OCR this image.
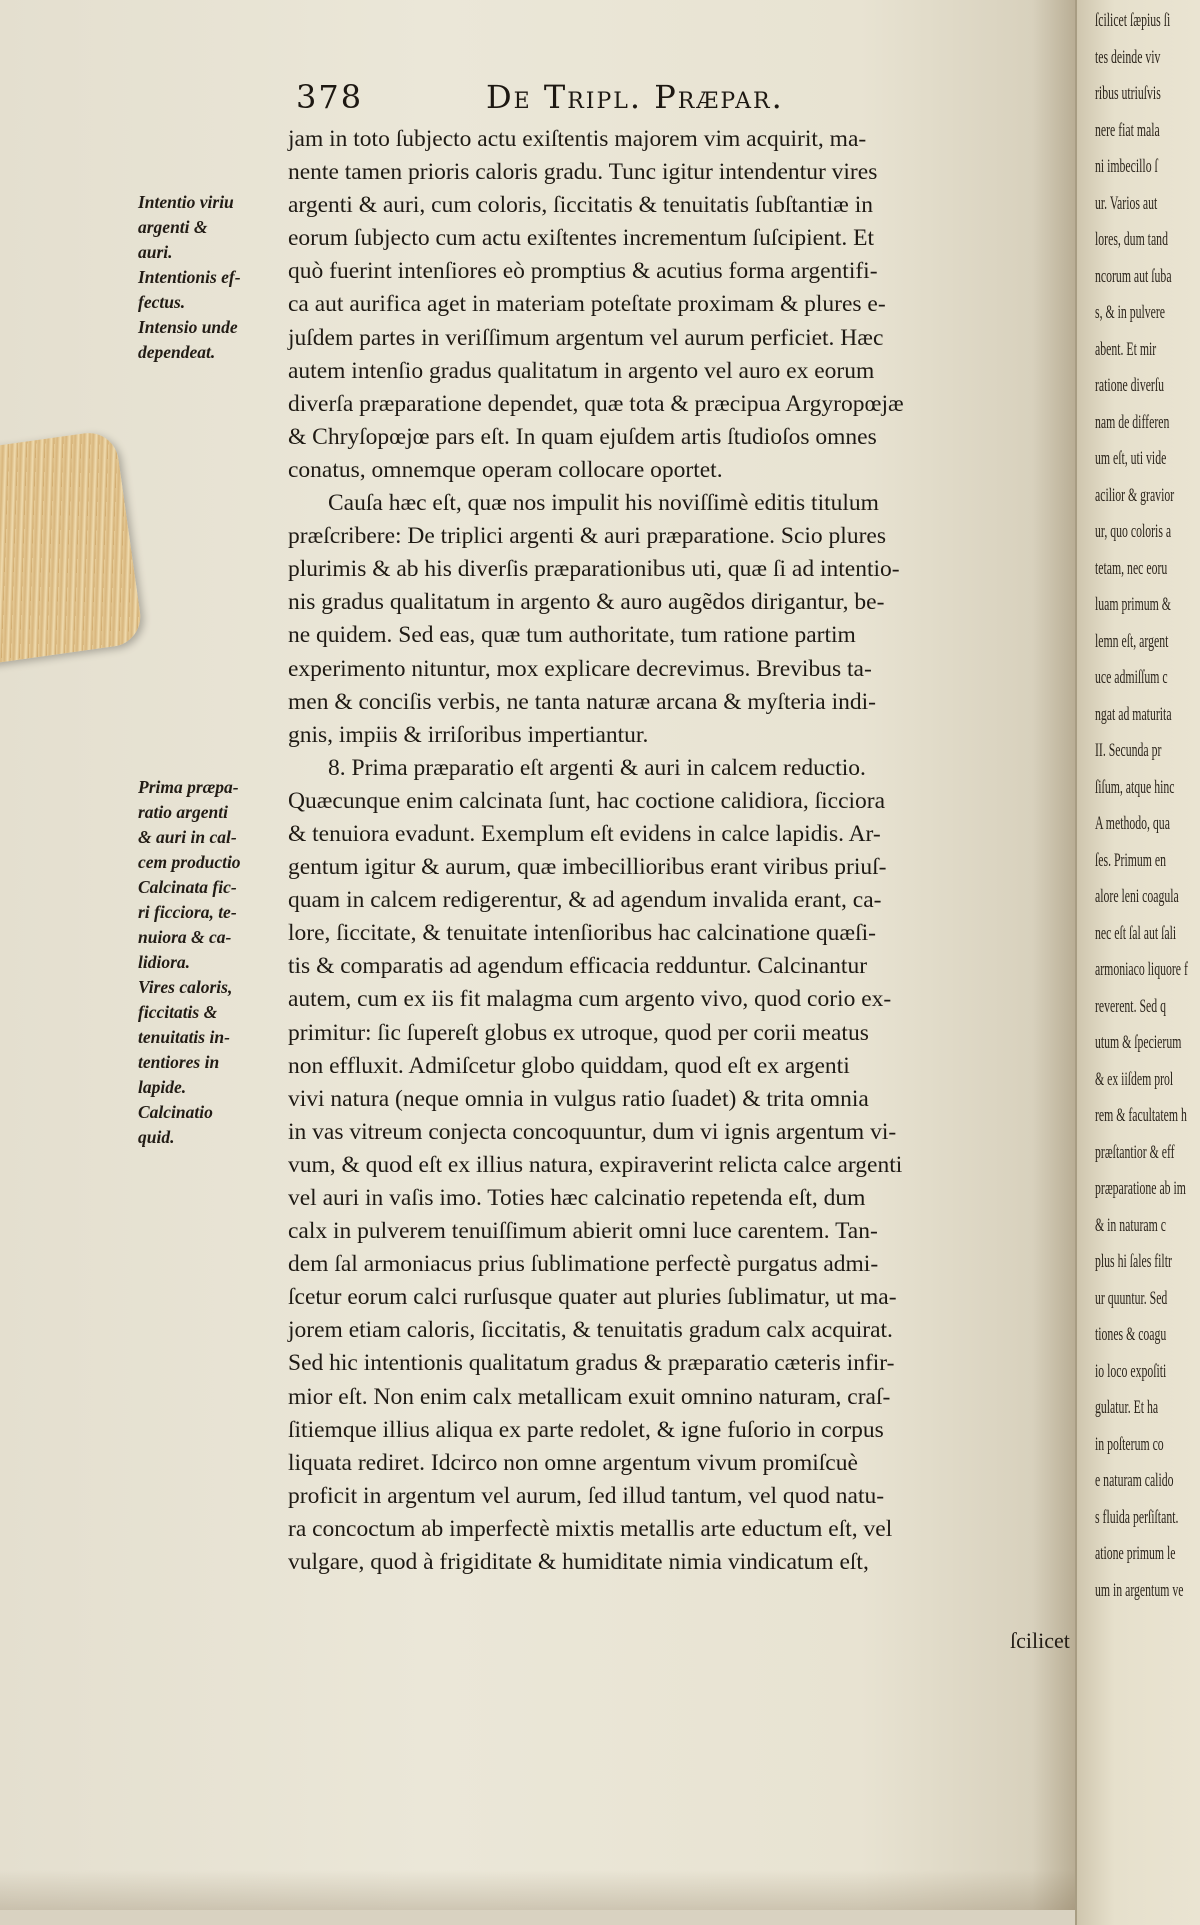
378	De Tripl. Præpar.
Intentio viriu
argenti &
auri.
Intentionis ef-
fectus.
Intensio unde
dependeat.
Prima præpa-
ratio argenti
& auri in cal-
cem productio
Calcinata fic-
ri ficciora, te-
nuiora & ca-
lidiora.
Vires caloris,
ficcitatis &
tenuitatis in-
tentiores in
lapide.
Calcinatio
quid.
jam in toto ſubjecto actu exiſtentis majorem vim acquirit, ma-
nente tamen prioris caloris gradu. Tunc igitur intendentur vires
argenti & auri, cum coloris, ſiccitatis & tenuitatis ſubſtantiæ in
eorum ſubjecto cum actu exiſtentes incrementum ſuſcipient. Et
quò fuerint intenſiores eò promptius & acutius forma argentifi-
ca aut aurifica aget in materiam poteſtate proximam & plures e-
juſdem partes in veriſſimum argentum vel aurum perficiet. Hæc
autem intenſio gradus qualitatum in argento vel auro ex eorum
diverſa præparatione dependet, quæ tota & præcipua Argyropœjæ
& Chryſopœjœ pars eſt. In quam ejuſdem artis ſtudioſos omnes
conatus, omnemque operam collocare oportet.
Cauſa hæc eſt, quæ nos impulit his noviſſimè editis titulum
præſcribere: De triplici argenti & auri præparatione. Scio plures
plurimis & ab his diverſis præparationibus uti, quæ ſi ad intentio-
nis gradus qualitatum in argento & auro augẽdos dirigantur, be-
ne quidem. Sed eas, quæ tum authoritate, tum ratione partim
experimento nituntur, mox explicare decrevimus. Brevibus ta-
men & conciſis verbis, ne tanta naturæ arcana & myſteria indi-
gnis, impiis & irriſoribus impertiantur.
8. Prima præparatio eſt argenti & auri in calcem reductio.
Quæcunque enim calcinata ſunt, hac coctione calidiora, ſicciora
& tenuiora evadunt. Exemplum eſt evidens in calce lapidis. Ar-
gentum igitur & aurum, quæ imbecillioribus erant viribus priuſ-
quam in calcem redigerentur, & ad agendum invalida erant, ca-
lore, ſiccitate, & tenuitate intenſioribus hac calcinatione quæſi-
tis & comparatis ad agendum efficacia redduntur. Calcinantur
autem, cum ex iis fit malagma cum argento vivo, quod corio ex-
primitur: ſic ſupereſt globus ex utroque, quod per corii meatus
non effluxit. Admiſcetur globo quiddam, quod eſt ex argenti
vivi natura (neque omnia in vulgus ratio ſuadet) & trita omnia
in vas vitreum conjecta concoquuntur, dum vi ignis argentum vi-
vum, & quod eſt ex illius natura, expiraverint relicta calce argenti
vel auri in vaſis imo. Toties hæc calcinatio repetenda eſt, dum
calx in pulverem tenuiſſimum abierit omni luce carentem. Tan-
dem ſal armoniacus prius ſublimatione perfectè purgatus admi-
ſcetur eorum calci rurſusque quater aut pluries ſublimatur, ut ma-
jorem etiam caloris, ſiccitatis, & tenuitatis gradum calx acquirat.
Sed hic intentionis qualitatum gradus & præparatio cæteris infir-
mior eſt. Non enim calx metallicam exuit omnino naturam, craſ-
ſitiemque illius aliqua ex parte redolet, & igne fuſorio in corpus
liquata rediret. Idcirco non omne argentum vivum promiſcuè
proficit in argentum vel aurum, ſed illud tantum, vel quod natu-
ra concoctum ab imperfectè mixtis metallis arte eductum eſt, vel
vulgare, quod à frigiditate & humiditate nimia vindicatum eſt,
ſcilicet
ſcilicet ſæpius ſi
tes deinde viv
ribus utriuſvis
nere fiat mala
ni imbecillo ſ
ur. Varios aut
lores, dum tand
ncorum aut ſuba
s, & in pulvere
abent. Et mir
ratione diverſu
nam de differen
um eſt, uti vide
acilior & gravior
ur, quo coloris a
tetam, nec eoru
luam primum &
lemn eſt, argent
uce admiſſum c
ngat ad maturita
II. Secunda pr
ſiſum, atque hinc
A methodo, qua
ſes. Primum en
alore leni coagula
nec eſt ſal aut ſali
armoniaco liquore f
reverent. Sed q
utum & ſpecierum
& ex iiſdem prol
rem & facultatem h
præſtantior & eff
præparatione ab im
& in naturam c
plus hi ſales filtr
ur quuntur. Sed
tiones & coagu
io loco expoſiti
gulatur. Et ha
in poſterum co
e naturam calido
s fluida perſiſtant.
atione primum le
um in argentum ve
